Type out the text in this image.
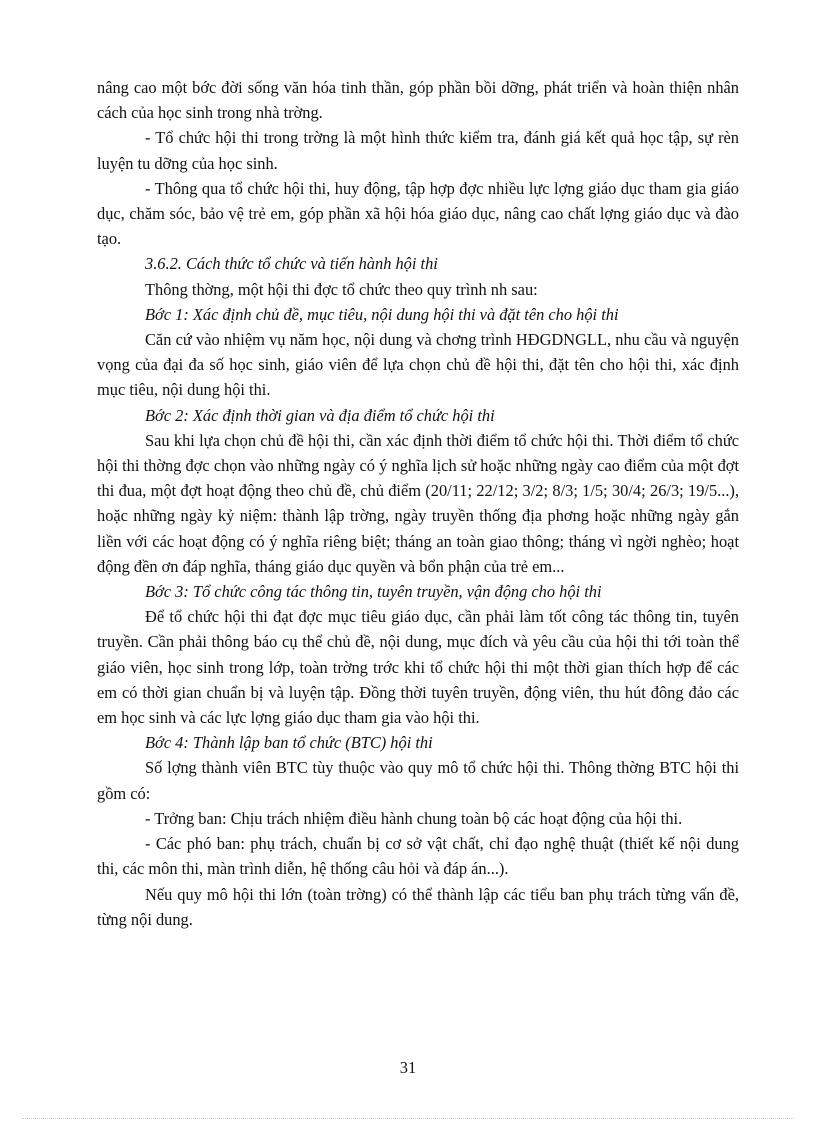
nâng cao một bớc đời sống văn hóa tinh thần, góp phần bồi dỡng, phát triển và hoàn thiện nhân cách của học sinh trong nhà trờng.

- Tổ chức hội thi trong trờng là một hình thức kiểm tra, đánh giá kết quả học tập, sự rèn luyện tu dỡng của học sinh.

- Thông qua tổ chức hội thi, huy động, tập hợp đợc nhiều lực lợng giáo dục tham gia giáo dục, chăm sóc, bảo vệ trẻ em, góp phần xã hội hóa giáo dục, nâng cao chất lợng giáo dục và đào tạo.

3.6.2. Cách thức tổ chức và tiến hành hội thi

Thông thờng, một hội thi đợc tổ chức theo quy trình nh sau:

Bớc 1: Xác định chủ đề, mục tiêu, nội dung hội thi và đặt tên cho hội thi

Căn cứ vào nhiệm vụ năm học, nội dung và chơng trình HĐGDNGLL, nhu cầu và nguyện vọng của đại đa số học sinh, giáo viên để lựa chọn chủ đề hội thi, đặt tên cho hội thi, xác định mục tiêu, nội dung hội thi.

Bớc 2: Xác định thời gian và địa điểm tổ chức hội thi

Sau khi lựa chọn chủ đề hội thi, cần xác định thời điểm tổ chức hội thi. Thời điểm tổ chức hội thi thờng đợc chọn vào những ngày có ý nghĩa lịch sử hoặc những ngày cao điểm của một đợt thi đua, một đợt hoạt động theo chủ đề, chủ điểm (20/11; 22/12; 3/2; 8/3; 1/5; 30/4; 26/3; 19/5...), hoặc những ngày kỷ niệm: thành lập trờng, ngày truyền thống địa phơng hoặc những ngày gắn liền với các hoạt động có ý nghĩa riêng biệt; tháng an toàn giao thông; tháng vì ngời nghèo; hoạt động đền ơn đáp nghĩa, tháng giáo dục quyền và bổn phận của trẻ em...

Bớc 3: Tổ chức công tác thông tin, tuyên truyền, vận động cho hội thi

Để tổ chức hội thi đạt đợc mục tiêu giáo dục, cần phải làm tốt công tác thông tin, tuyên truyền. Cần phải thông báo cụ thể chủ đề, nội dung, mục đích và yêu cầu của hội thi tới toàn thể giáo viên, học sinh trong lớp, toàn trờng trớc khi tổ chức hội thi một thời gian thích hợp để các em có thời gian chuẩn bị và luyện tập. Đồng thời tuyên truyền, động viên, thu hút đông đảo các em học sinh và các lực lợng giáo dục tham gia vào hội thi.

Bớc 4: Thành lập ban tổ chức (BTC) hội thi

Số lợng thành viên BTC tùy thuộc vào quy mô tổ chức hội thi. Thông thờng BTC hội thi gồm có:

- Trởng ban: Chịu trách nhiệm điều hành chung toàn bộ các hoạt động của hội thi.

- Các phó ban: phụ trách, chuẩn bị cơ sở vật chất, chỉ đạo nghệ thuật (thiết kế nội dung thi, các môn thi, màn trình diễn, hệ thống câu hỏi và đáp án...).

Nếu quy mô hội thi lớn (toàn trờng) có thể thành lập các tiểu ban phụ trách từng vấn đề, từng nội dung.

31
